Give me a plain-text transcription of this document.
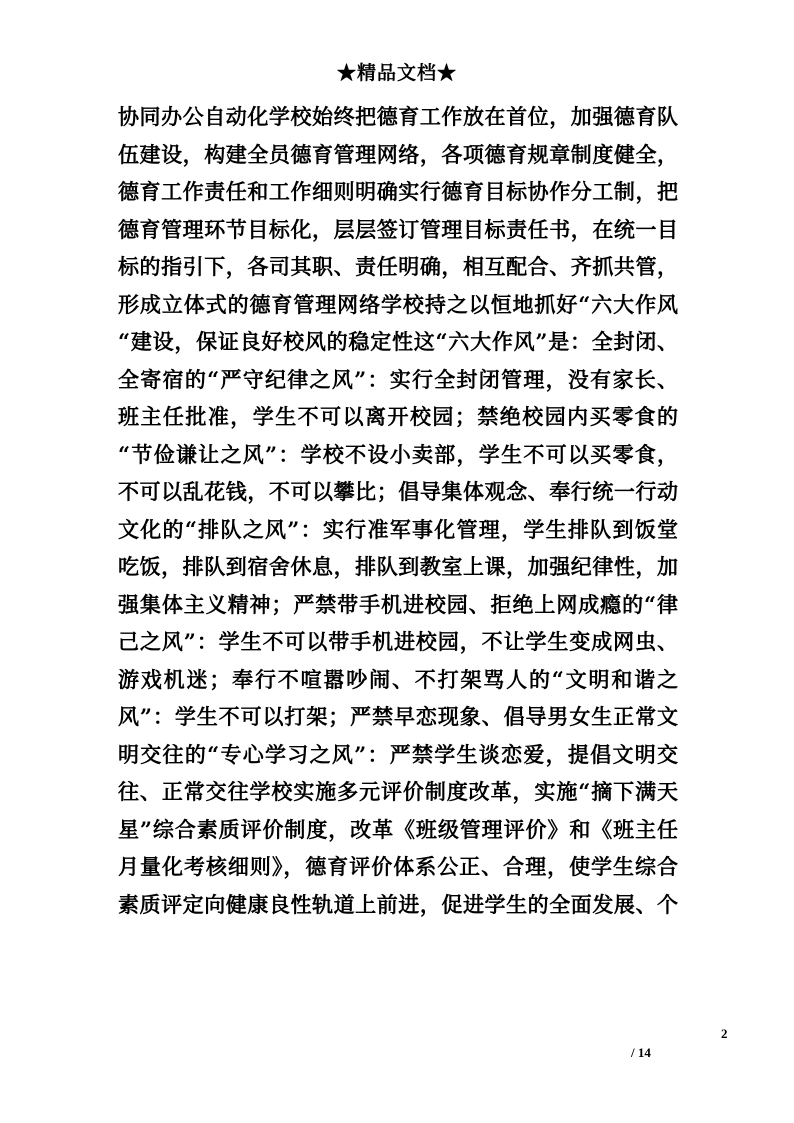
★精品文档★
协同办公自动化学校始终把德育工作放在首位，加强德育队
伍建设，构建全员德育管理网络，各项德育规章制度健全，
德育工作责任和工作细则明确实行德育目标协作分工制，把
德育管理环节目标化，层层签订管理目标责任书，在统一目
标的指引下，各司其职、责任明确，相互配合、齐抓共管，
形成立体式的德育管理网络学校持之以恒地抓好“六大作风
“建设，保证良好校风的稳定性这“六大作风”是：全封闭、
全寄宿的“严守纪律之风”：实行全封闭管理，没有家长、
班主任批准，学生不可以离开校园；禁绝校园内买零食的
“节俭谦让之风”：学校不设小卖部，学生不可以买零食，
不可以乱花钱，不可以攀比；倡导集体观念、奉行统一行动
文化的“排队之风”：实行准军事化管理，学生排队到饭堂
吃饭，排队到宿舍休息，排队到教室上课，加强纪律性，加
强集体主义精神；严禁带手机进校园、拒绝上网成瘾的“律
己之风”：学生不可以带手机进校园，不让学生变成网虫、
游戏机迷；奉行不喧嚣吵闹、不打架骂人的“文明和谐之
风”：学生不可以打架；严禁早恋现象、倡导男女生正常文
明交往的“专心学习之风”：严禁学生谈恋爱，提倡文明交
往、正常交往学校实施多元评价制度改革，实施“摘下满天
星”综合素质评价制度，改革《班级管理评价》和《班主任
月量化考核细则》，德育评价体系公正、合理，使学生综合
素质评定向健康良性轨道上前进，促进学生的全面发展、个
2
/ 14
